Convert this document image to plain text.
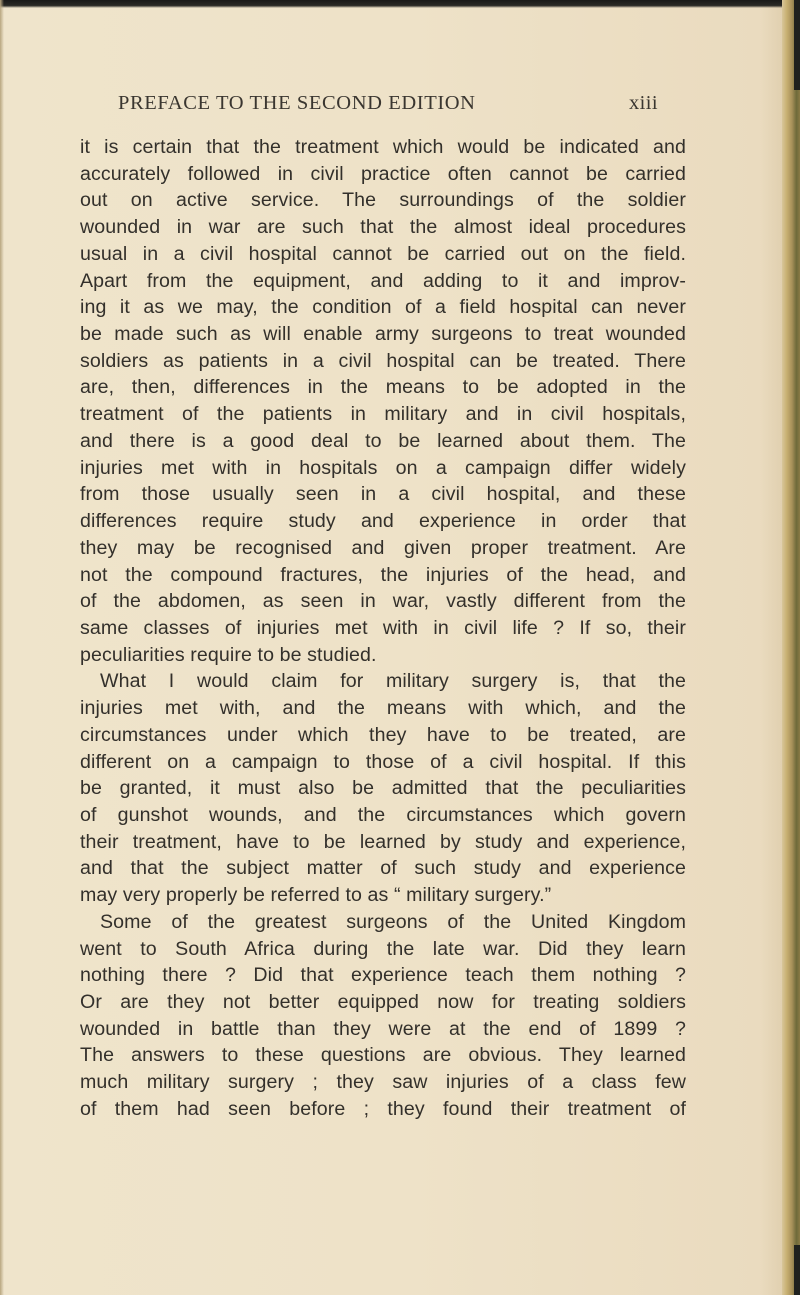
PREFACE TO THE SECOND EDITION	xiii
it is certain that the treatment which would be indicated and
accurately followed in civil practice often cannot be carried
out on active service. The surroundings of the soldier
wounded in war are such that the almost ideal procedures
usual in a civil hospital cannot be carried out on the field.
Apart from the equipment, and adding to it and improv-
ing it as we may, the condition of a field hospital can never
be made such as will enable army surgeons to treat wounded
soldiers as patients in a civil hospital can be treated. There
are, then, differences in the means to be adopted in the
treatment of the patients in military and in civil hospitals,
and there is a good deal to be learned about them. The
injuries met with in hospitals on a campaign differ widely
from those usually seen in a civil hospital, and these
differences require study and experience in order that
they may be recognised and given proper treatment. Are
not the compound fractures, the injuries of the head, and
of the abdomen, as seen in war, vastly different from the
same classes of injuries met with in civil life ? If so, their
peculiarities require to be studied.
What I would claim for military surgery is, that the
injuries met with, and the means with which, and the
circumstances under which they have to be treated, are
different on a campaign to those of a civil hospital. If this
be granted, it must also be admitted that the peculiarities
of gunshot wounds, and the circumstances which govern
their treatment, have to be learned by study and experience,
and that the subject matter of such study and experience
may very properly be referred to as “ military surgery.”
Some of the greatest surgeons of the United Kingdom
went to South Africa during the late war. Did they learn
nothing there ? Did that experience teach them nothing ?
Or are they not better equipped now for treating soldiers
wounded in battle than they were at the end of 1899 ?
The answers to these questions are obvious. They learned
much military surgery ; they saw injuries of a class few
of them had seen before ; they found their treatment of
